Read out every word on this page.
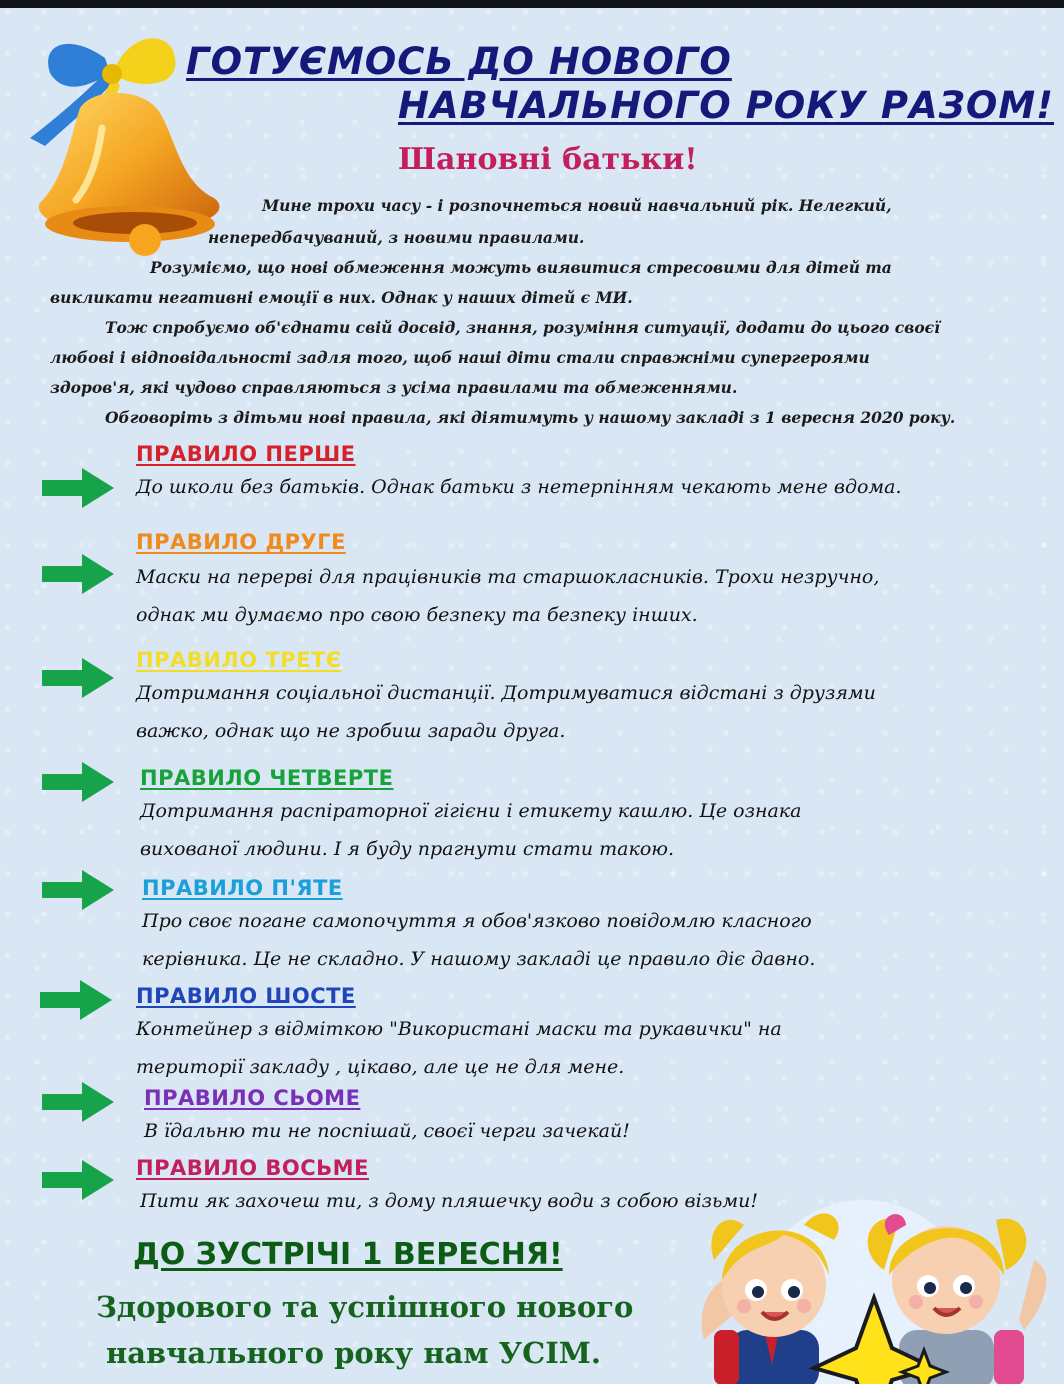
ГОТУЄМОСЬ ДО НОВОГО
НАВЧАЛЬНОГО РОКУ РАЗОМ!
Шановні батьки!
Мине трохи часу - і розпочнеться новий навчальний рік. Нелегкий,
непередбачуваний, з новими правилами.
Розуміємо, що нові обмеження можуть виявитися стресовими для дітей та
викликати негативні емоції в них. Однак у наших дітей є МИ.
Тож спробуємо об'єднати свій досвід, знання, розуміння ситуації, додати до цього своєї
любові і відповідальності задля того, щоб наші діти стали справжніми супергероями
здоров'я, які чудово справляються з усіма правилами та обмеженнями.
Обговоріть з дітьми нові правила, які діятимуть у нашому закладі з 1 вересня 2020 року.
ПРАВИЛО ПЕРШЕ
До школи без батьків. Однак батьки з нетерпінням чекають мене вдома.
ПРАВИЛО ДРУГЕ
Маски на перерві для працівників та старшокласників. Трохи незручно,
однак ми думаємо про свою безпеку та безпеку інших.
ПРАВИЛО ТРЕТЄ
Дотримання соціальної дистанції. Дотримуватися відстані з друзями
важко, однак що не зробиш заради друга.
ПРАВИЛО ЧЕТВЕРТЕ
Дотримання распіраторної гігієни і етикету кашлю. Це ознака
вихованої людини. І я буду прагнути стати такою.
ПРАВИЛО П'ЯТЕ
Про своє погане самопочуття я обов'язково повідомлю класного
керівника. Це не складно. У нашому закладі це правило діє давно.
ПРАВИЛО ШОСТЕ
Контейнер з відміткою "Використані маски та рукавички" на
території закладу , цікаво, але це не для мене.
ПРАВИЛО СЬОМЕ
В їдальню ти не поспішай, своєї черги зачекай!
ПРАВИЛО ВОСЬМЕ
Пити як захочеш ти, з дому пляшечку води з собою візьми!
ДО ЗУСТРІЧІ 1 ВЕРЕСНЯ!
Здорового та успішного нового
навчального року нам УСІМ.
